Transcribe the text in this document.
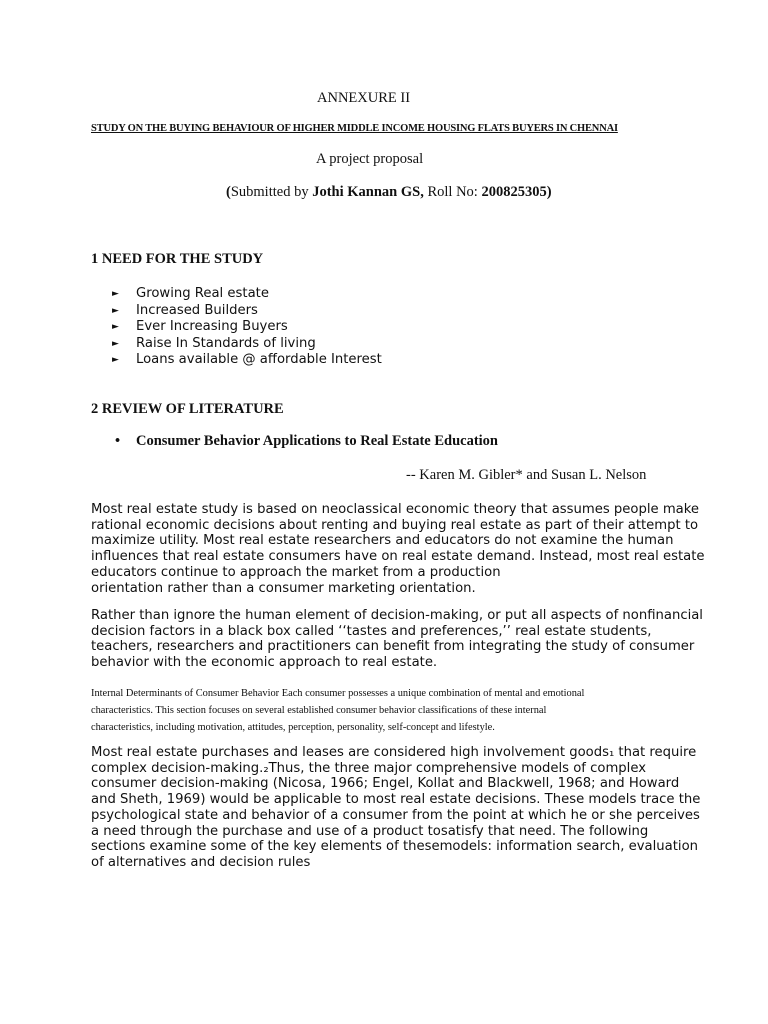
ANNEXURE II
STUDY ON THE BUYING BEHAVIOUR OF HIGHER MIDDLE INCOME HOUSING FLATS BUYERS IN CHENNAI
A project proposal
(Submitted by Jothi Kannan GS, Roll No: 200825305)
1 NEED FOR THE STUDY
► Growing Real estate
► Increased Builders
► Ever Increasing Buyers
► Raise In Standards of living
► Loans available @ affordable Interest
2 REVIEW OF LITERATURE
• Consumer Behavior Applications to Real Estate Education
-- Karen M. Gibler* and Susan L. Nelson

Most real estate study is based on neoclassical economic theory that assumes people make
rational economic decisions about renting and buying real estate as part of their attempt to
maximize utility. Most real estate researchers and educators do not examine the human
influences that real estate consumers have on real estate demand. Instead, most real estate
educators continue to approach the market from a production
orientation rather than a consumer marketing orientation.

Rather than ignore the human element of decision-making, or put all aspects of nonfinancial
decision factors in a black box called ‘‘tastes and preferences,’’ real estate students,
teachers, researchers and practitioners can benefit from integrating the study of consumer
behavior with the economic approach to real estate.

Internal Determinants of Consumer Behavior Each consumer possesses a unique combination of mental and emotional
characteristics. This section focuses on several established consumer behavior classifications of these internal
characteristics, including motivation, attitudes, perception, personality, self-concept and lifestyle.

Most real estate purchases and leases are considered high involvement goods₁ that require
complex decision-making.₂Thus, the three major comprehensive models of complex
consumer decision-making (Nicosa, 1966; Engel, Kollat and Blackwell, 1968; and Howard
and Sheth, 1969) would be applicable to most real estate decisions. These models trace the
psychological state and behavior of a consumer from the point at which he or she perceives
a need through the purchase and use of a product tosatisfy that need. The following
sections examine some of the key elements of thesemodels: information search, evaluation
of alternatives and decision rules
